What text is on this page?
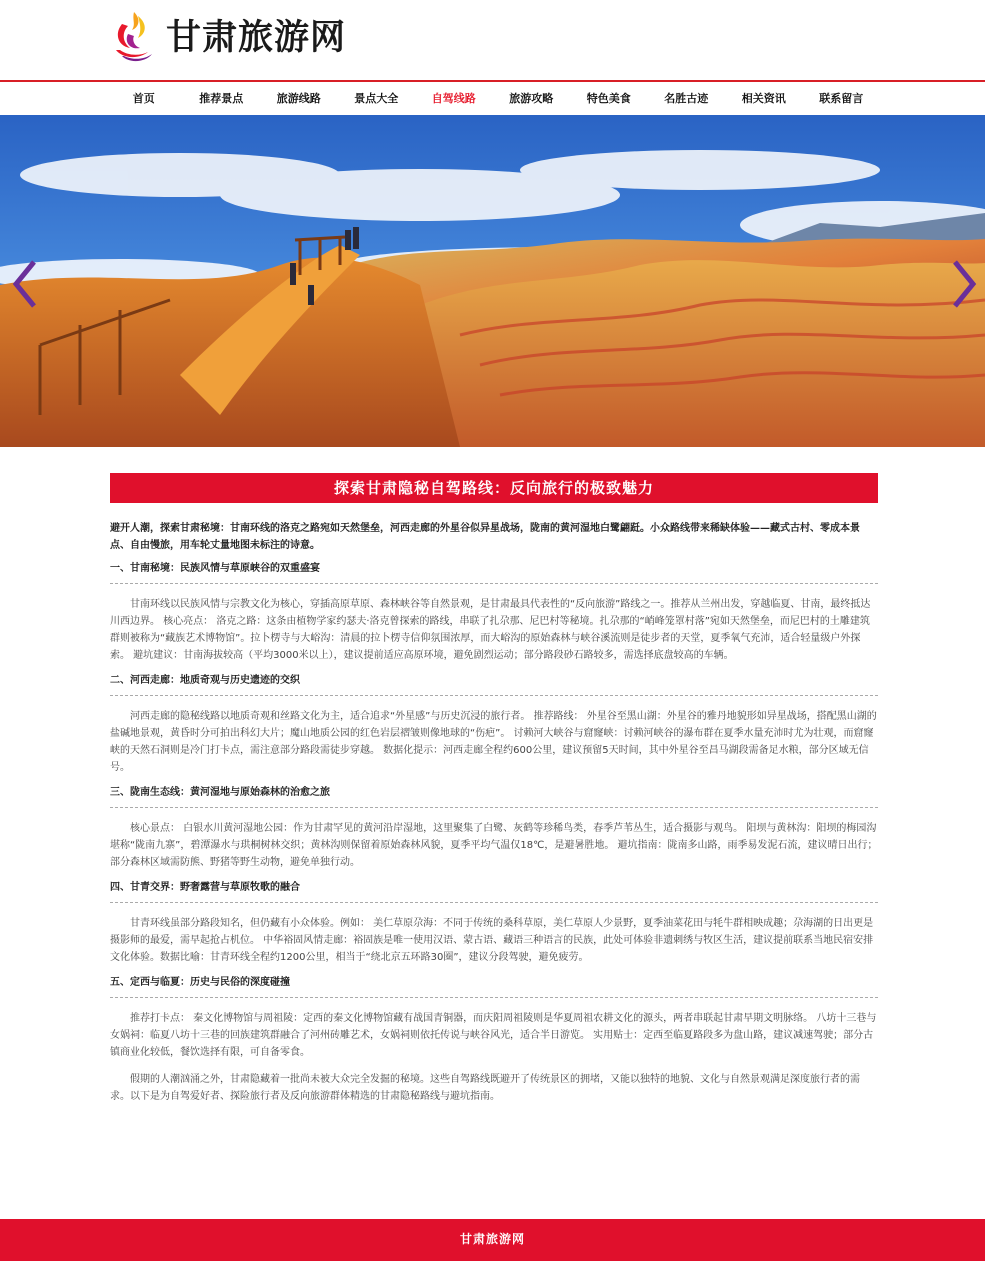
甘肃旅游网
首页	推荐景点	旅游线路	景点大全	自驾线路	旅游攻略	特色美食	名胜古迹	相关资讯	联系留言
探索甘肃隐秘自驾路线：反向旅行的极致魅力

避开人潮，探索甘肃秘境：甘南环线的洛克之路宛如天然堡垒，河西走廊的外星谷似异星战场，陇南的黄河湿地白鹭翩跹。小众路线带来稀缺体验——藏式古村、零成本景点、自由慢旅，用车轮丈量地图未标注的诗意。

一、甘南秘境：民族风情与草原峡谷的双重盛宴

甘南环线以民族风情与宗教文化为核心，穿插高原草原、森林峡谷等自然景观，是甘肃最具代表性的“反向旅游”路线之一。推荐从兰州出发，穿越临夏、甘南，最终抵达川西边界。 核心亮点： 洛克之路：这条由植物学家约瑟夫·洛克曾探索的路线，串联了扎尕那、尼巴村等秘境。扎尕那的“峭峰笼罩村落”宛如天然堡垒，而尼巴村的土雕建筑群则被称为“藏族艺术博物馆”。拉卜楞寺与大峪沟：清晨的拉卜楞寺信仰氛围浓厚，而大峪沟的原始森林与峡谷溪流则是徒步者的天堂，夏季氧气充沛，适合轻量级户外探索。 避坑建议：甘南海拔较高（平均3000米以上），建议提前适应高原环境，避免剧烈运动；部分路段砂石路较多，需选择底盘较高的车辆。

二、河西走廊：地质奇观与历史遗迹的交织

河西走廊的隐秘线路以地质奇观和丝路文化为主，适合追求“外星感”与历史沉浸的旅行者。 推荐路线： 外星谷至黑山湖：外星谷的雅丹地貌形如异星战场，搭配黑山湖的盐碱地景观，黄昏时分可拍出科幻大片；魔山地质公园的红色岩层褶皱则像地球的“伤疤”。 讨赖河大峡谷与窟窿峡：讨赖河峡谷的瀑布群在夏季水量充沛时尤为壮观，而窟窿峡的天然石洞则是冷门打卡点，需注意部分路段需徒步穿越。 数据化提示：河西走廊全程约600公里，建议预留5天时间，其中外星谷至昌马湖段需备足水粮，部分区域无信号。

三、陇南生态线：黄河湿地与原始森林的治愈之旅

核心景点： 白银水川黄河湿地公园：作为甘肃罕见的黄河沿岸湿地，这里聚集了白鹭、灰鹤等珍稀鸟类，春季芦苇丛生，适合摄影与观鸟。 阳坝与黄林沟：阳坝的梅园沟堪称“陇南九寨”，碧潭瀑水与珙桐树林交织；黄林沟则保留着原始森林风貌，夏季平均气温仅18℃，是避暑胜地。 避坑指南：陇南多山路，雨季易发泥石流，建议晴日出行；部分森林区域需防熊、野猪等野生动物，避免单独行动。

四、甘青交界：野奢露营与草原牧歌的融合

甘青环线虽部分路段知名，但仍藏有小众体验。例如： 美仁草原尕海：不同于传统的桑科草原，美仁草原人少景野，夏季油菜花田与牦牛群相映成趣；尕海湖的日出更是摄影师的最爱，需早起抢占机位。 中华裕固风情走廊：裕固族是唯一使用汉语、蒙古语、藏语三种语言的民族，此处可体验非遗刺绣与牧区生活，建议提前联系当地民宿安排文化体验。数据比喻：甘青环线全程约1200公里，相当于“绕北京五环路30圈”，建议分段驾驶，避免疲劳。

五、定西与临夏：历史与民俗的深度碰撞

推荐打卡点： 秦文化博物馆与周祖陵：定西的秦文化博物馆藏有战国青铜器，而庆阳周祖陵则是华夏周祖农耕文化的源头，两者串联起甘肃早期文明脉络。 八坊十三巷与女娲祠：临夏八坊十三巷的回族建筑群融合了河州砖雕艺术，女娲祠则依托传说与峡谷风光，适合半日游览。 实用贴士：定西至临夏路段多为盘山路，建议减速驾驶；部分古镇商业化较低，餐饮选择有限，可自备零食。

假期的人潮汹涌之外，甘肃隐藏着一批尚未被大众完全发掘的秘境。这些自驾路线既避开了传统景区的拥堵，又能以独特的地貌、文化与自然景观满足深度旅行者的需求。以下是为自驾爱好者、探险旅行者及反向旅游群体精选的甘肃隐秘路线与避坑指南。

甘肃旅游网
